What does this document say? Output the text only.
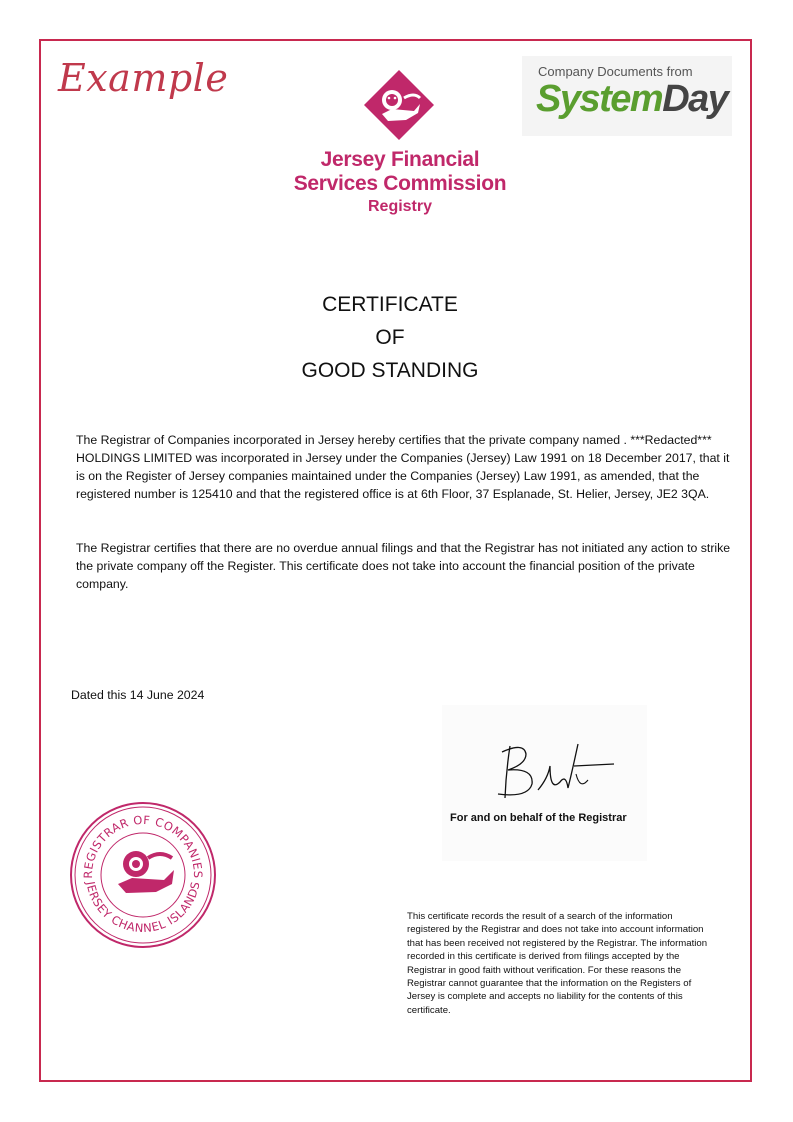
Example	Company Documents from
SystemDay
Jersey Financial
Services Commission
Registry
CERTIFICATE
OF
GOOD STANDING
The Registrar of Companies incorporated in Jersey hereby certifies that the private company named . ***Redacted*** HOLDINGS LIMITED was incorporated in Jersey under the Companies (Jersey) Law 1991 on 18 December 2017, that it is on the Register of Jersey companies maintained under the Companies (Jersey) Law 1991, as amended, that the registered number is 125410 and that the registered office is at 6th Floor, 37 Esplanade, St. Helier, Jersey, JE2 3QA.
The Registrar certifies that there are no overdue annual filings and that the Registrar has not initiated any action to strike the private company off the Register. This certificate does not take into account the financial position of the private company.
Dated this 14 June 2024
For and on behalf of the Registrar
REGISTRAR OF COMPANIES
JERSEY CHANNEL ISLANDS
This certificate records the result of a search of the information registered by the Registrar and does not take into account information that has been received not registered by the Registrar. The information recorded in this certificate is derived from filings accepted by the Registrar in good faith without verification. For these reasons the Registrar cannot guarantee that the information on the Registers of Jersey is complete and accepts no liability for the contents of this certificate.
